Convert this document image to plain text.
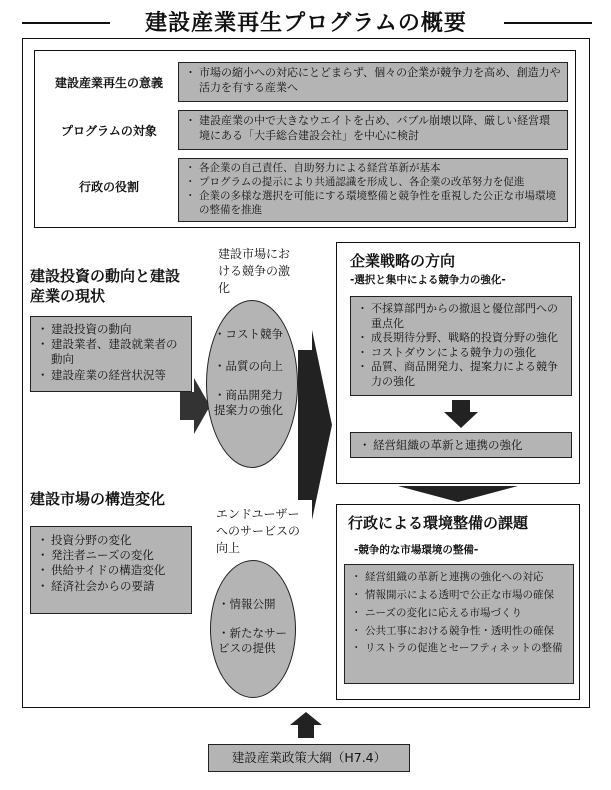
建設産業再生プログラムの概要
建設産業再生の意義
・ 市場の縮小への対応にとどまらず、個々の企業が競争力を高め、創造力や活力を有する産業へ
プログラムの対象
・ 建設産業の中で大きなウエイトを占め、バブル崩壊以降、厳しい経営環境にある「大手総合建設会社」を中心に検討
行政の役割
・ 各企業の自己責任、自助努力による経営革新が基本
・ プログラムの提示により共通認識を形成し、各企業の改革努力を促進
・ 企業の多様な選択を可能にする環境整備と競争性を重視した公正な市場環境の整備を推進
建設投資の動向と建設産業の現状
・ 建設投資の動向
・ 建設業者、建設就業者の動向
・ 建設産業の経営状況等
建設市場の構造変化
・ 投資分野の変化
・ 発注者ニーズの変化
・ 供給サイドの構造変化
・ 経済社会からの要請
建設市場における競争の激化
・コスト競争
・品質の向上
・商品開発力提案力の強化
エンドユーザーへのサービスの向上
・情報公開
・新たなサービスの提供
企業戦略の方向
-選択と集中による競争力の強化-
・ 不採算部門からの撤退と優位部門への重点化
・ 成長期待分野、戦略的投資分野の強化
・ コストダウンによる競争力の強化
・ 品質、商品開発力、提案力による競争力の強化
・ 経営組織の革新と連携の強化
行政による環境整備の課題
-競争的な市場環境の整備-
・ 経営組織の革新と連携の強化への対応
・ 情報開示による透明で公正な市場の確保
・ ニーズの変化に応える市場づくり
・ 公共工事における競争性・透明性の確保
・ リストラの促進とセーフティネットの整備
建設産業政策大綱（H7.4）
